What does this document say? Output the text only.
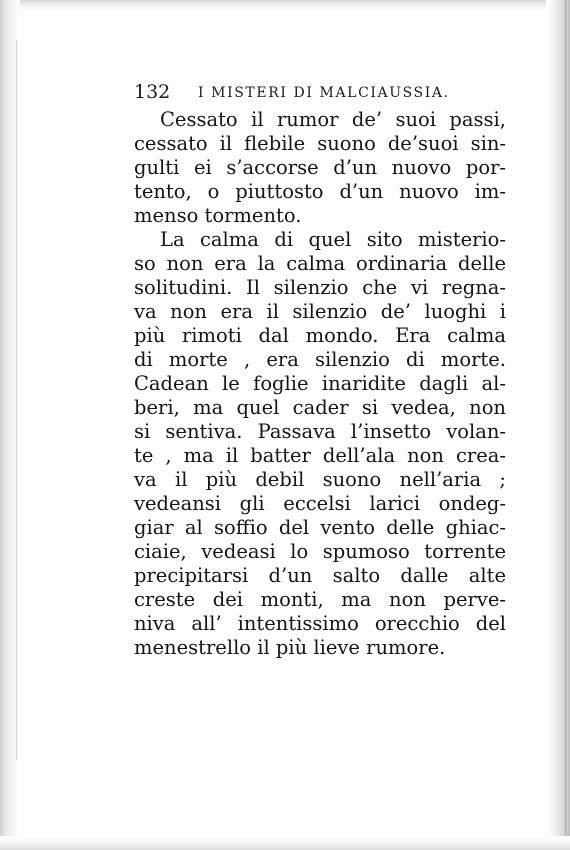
132 I MISTERI DI MALCIAUSSIA.
Cessato il rumor de’ suoi passi,
cessato il flebile suono de’suoi sin-
gulti ei s’accorse d’un nuovo por-
tento, o piuttosto d’un nuovo im-
menso tormento.
La calma di quel sito misterio-
so non era la calma ordinaria delle
solitudini. Il silenzio che vi regna-
va non era il silenzio de’ luoghi i
più rimoti dal mondo. Era calma
di morte , era silenzio di morte.
Cadean le foglie inaridite dagli al-
beri, ma quel cader si vedea, non
si sentiva. Passava l’insetto volan-
te , ma il batter dell’ala non crea-
va il più debil suono nell’aria ;
vedeansi gli eccelsi larici ondeg-
giar al soffio del vento delle ghiac-
ciaie, vedeasi lo spumoso torrente
precipitarsi d’un salto dalle alte
creste dei monti, ma non perve-
niva all’ intentissimo orecchio del
menestrello il più lieve rumore.
